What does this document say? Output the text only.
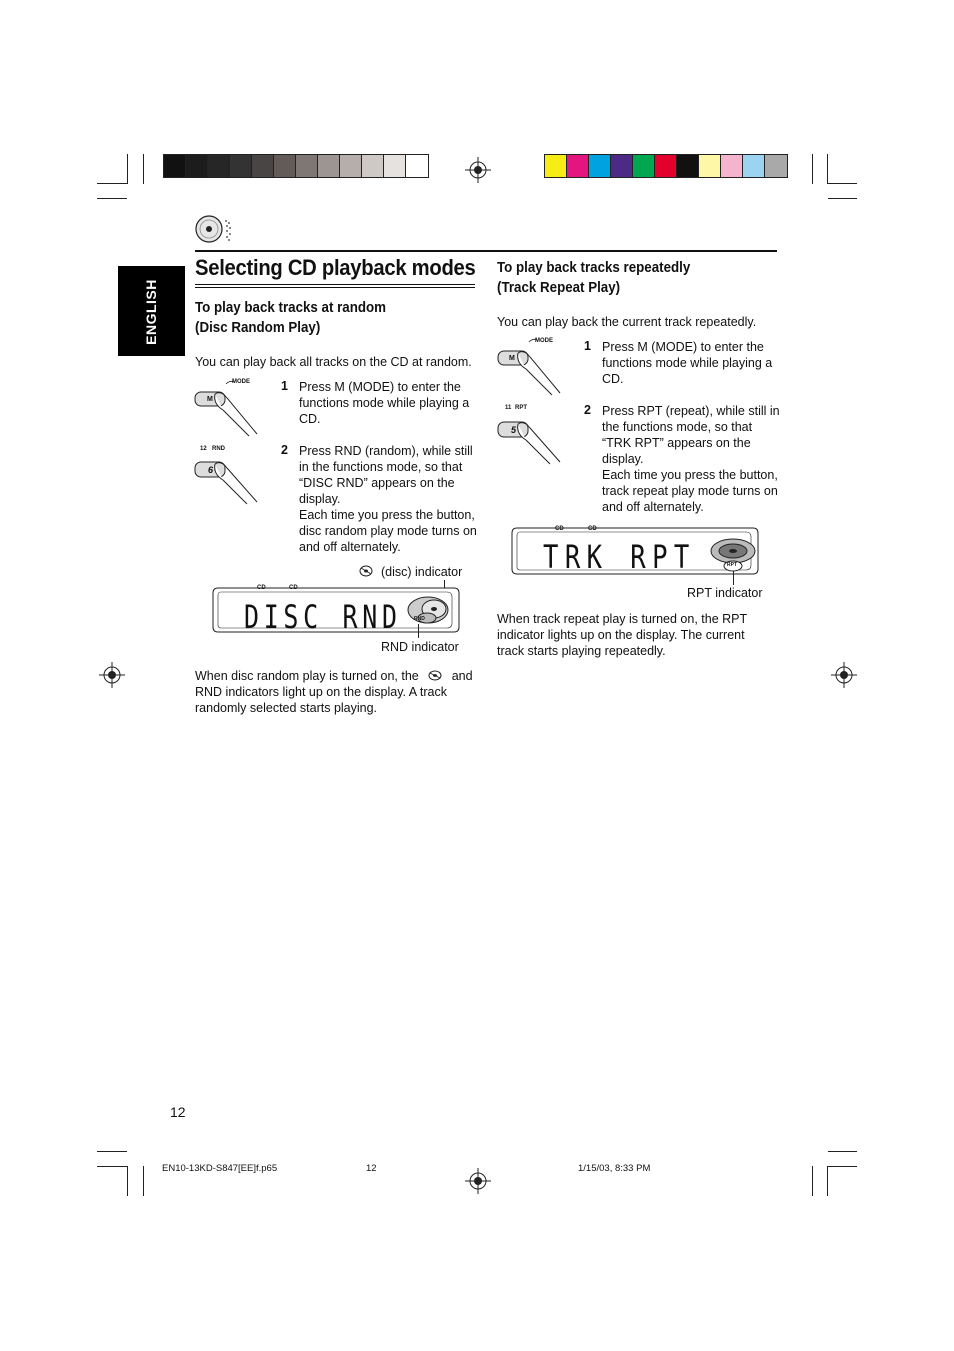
ENGLISH
Selecting CD playback modes
To play back tracks at random
(Disc Random Play)
You can play back all tracks on the CD at random.
MODE
M
1 Press M (MODE) to enter the functions mode while playing a CD.
12 RND
6
2 Press RND (random), while still in the functions mode, so that “DISC RND” appears on the display.
Each time you press the button, disc random play mode turns on and off alternately.
(disc) indicator
CD	CD
DISC RND RND
RND indicator
When disc random play is turned on, the	and RND indicators light up on the display. A track randomly selected starts playing.
To play back tracks repeatedly
(Track Repeat Play)
You can play back the current track repeatedly.
MODE
M
1 Press M (MODE) to enter the functions mode while playing a CD.
11 RPT
5
2 Press RPT (repeat), while still in the functions mode, so that “TRK RPT” appears on the display.
Each time you press the button, track repeat play mode turns on and off alternately.
CD	CD
TRK RPT	RPT
RPT indicator
When track repeat play is turned on, the RPT indicator lights up on the display. The current track starts playing repeatedly.
12
EN10-13KD-S847[EE]f.p65	12	1/15/03, 8:33 PM
